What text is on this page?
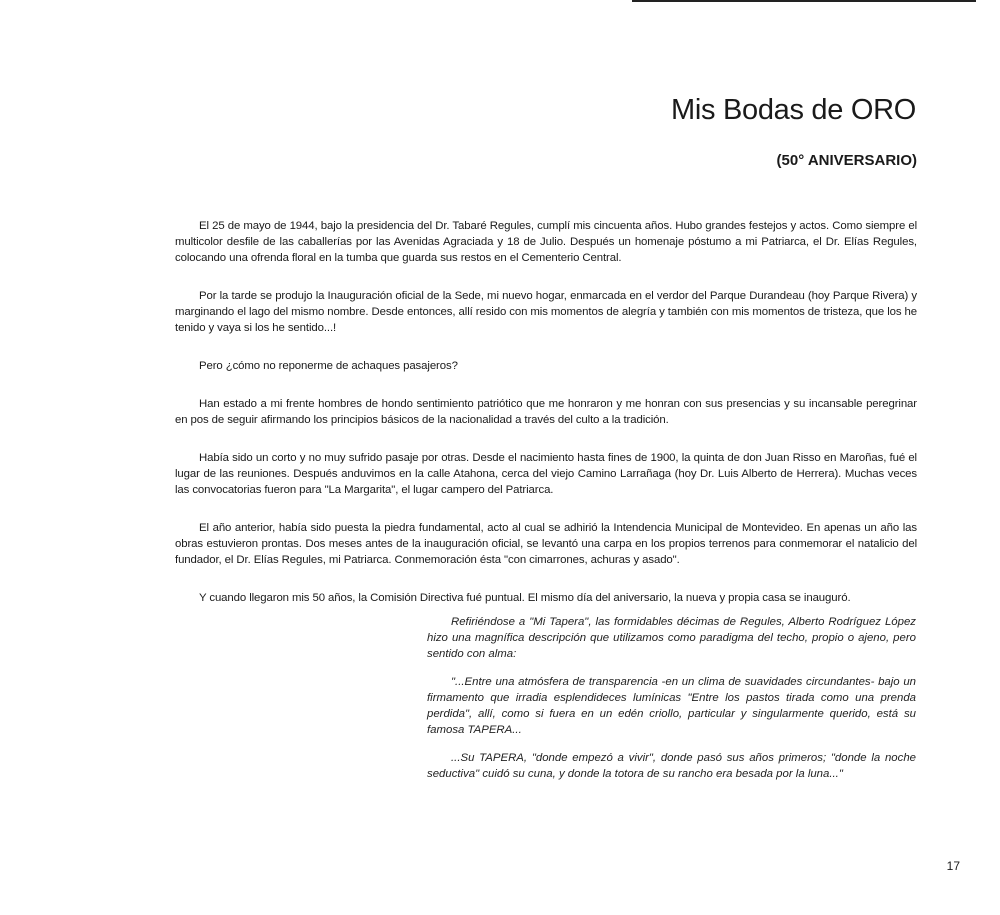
Mis Bodas de ORO
(50° ANIVERSARIO)

El 25 de mayo de 1944, bajo la presidencia del Dr. Tabaré Regules, cumplí mis cincuenta años. Hubo grandes festejos y actos. Como siempre el multicolor desfile de las caballerías por las Avenidas Agraciada y 18 de Julio. Después un homenaje póstumo a mi Patriarca, el Dr. Elías Regules, colocando una ofrenda floral en la tumba que guarda sus restos en el Cementerio Central.

Por la tarde se produjo la Inauguración oficial de la Sede, mi nuevo hogar, enmarcada en el verdor del Parque Durandeau (hoy Parque Rivera) y marginando el lago del mismo nombre. Desde entonces, allí resido con mis momentos de alegría y también con mis momentos de tristeza, que los he tenido y vaya si los he sentido...!

Pero ¿cómo no reponerme de achaques pasajeros?

Han estado a mi frente hombres de hondo sentimiento patriótico que me honraron y me honran con sus presencias y su incansable peregrinar en pos de seguir afirmando los principios básicos de la nacionalidad a través del culto a la tradición.

Había sido un corto y no muy sufrido pasaje por otras. Desde el nacimiento hasta fines de 1900, la quinta de don Juan Risso en Maroñas, fué el lugar de las reuniones. Después anduvimos en la calle Atahona, cerca del viejo Camino Larrañaga (hoy Dr. Luis Alberto de Herrera). Muchas veces las convocatorias fueron para "La Margarita", el lugar campero del Patriarca.

El año anterior, había sido puesta la piedra fundamental, acto al cual se adhirió la Intendencia Municipal de Montevideo. En apenas un año las obras estuvieron prontas. Dos meses antes de la inauguración oficial, se levantó una carpa en los propios terrenos para conmemorar el natalicio del fundador, el Dr. Elías Regules, mi Patriarca. Conmemoración ésta "con cimarrones, achuras y asado".

Y cuando llegaron mis 50 años, la Comisión Directiva fué puntual. El mismo día del aniversario, la nueva y propia casa se inauguró.

Refiriéndose a "Mi Tapera", las formidables décimas de Regules, Alberto Rodríguez López hizo una magnífica descripción que utilizamos como paradigma del techo, propio o ajeno, pero sentido con alma:

"...Entre una atmósfera de transparencia -en un clima de suavidades circundantes- bajo un firmamento que irradia esplendideces lumínicas "Entre los pastos tirada como una prenda perdida", allí, como si fuera en un edén criollo, particular y singularmente querido, está su famosa TAPERA...

...Su TAPERA, "donde empezó a vivir", donde pasó sus años primeros; "donde la noche seductiva" cuidó su cuna, y donde la totora de su rancho era besada por la luna..."

17
